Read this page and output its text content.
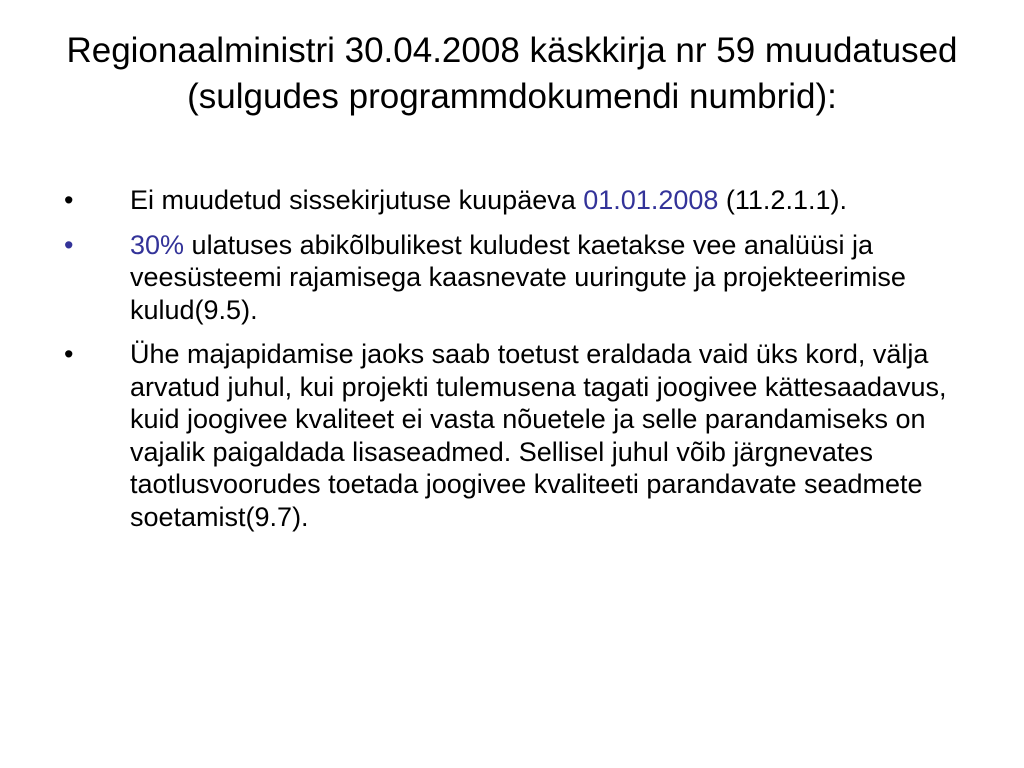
Regionaalministri 30.04.2008 käskkirja nr 59 muudatused (sulgudes programmdokumendi numbrid):
•	Ei muudetud sissekirjutuse kuupäeva 01.01.2008 (11.2.1.1).
•	30% ulatuses abikõlbulikest kuludest kaetakse vee analüüsi ja veesüsteemi rajamisega kaasnevate uuringute ja projekteerimise kulud(9.5).
•	Ühe majapidamise jaoks saab toetust eraldada vaid üks kord, välja arvatud juhul, kui projekti tulemusena tagati joogivee kättesaadavus, kuid joogivee kvaliteet ei vasta nõuetele ja selle parandamiseks on vajalik paigaldada lisaseadmed. Sellisel juhul võib järgnevates taotlusvoorudes toetada joogivee kvaliteeti parandavate seadmete soetamist(9.7).
